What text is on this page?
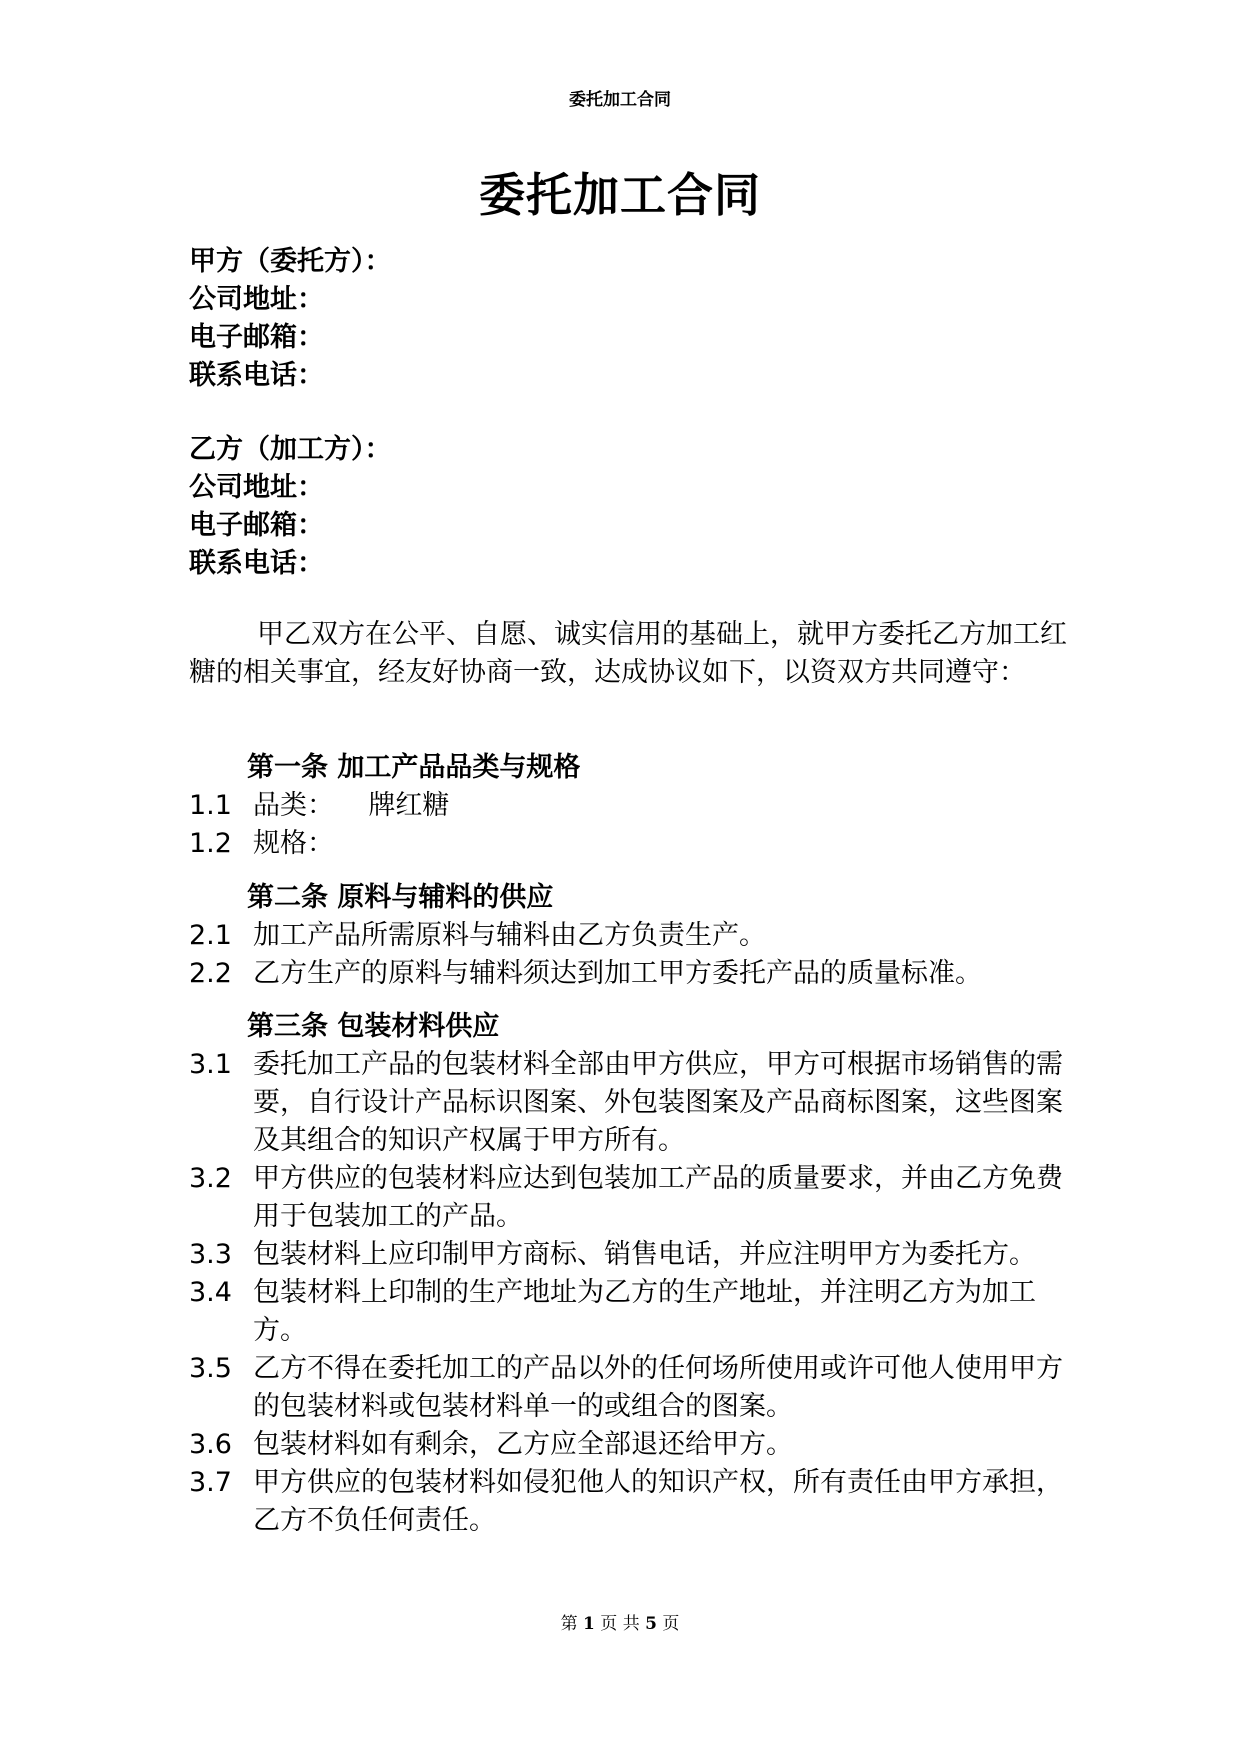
委托加工合同
委托加工合同
甲方（委托方）：
公司地址：
电子邮箱：
联系电话：
乙方（加工方）：
公司地址：
电子邮箱：
联系电话：
甲乙双方在公平、自愿、诚实信用的基础上，就甲方委托乙方加工红糖的相关事宜，经友好协商一致，达成协议如下，以资双方共同遵守：
第一条 加工产品品类与规格
1.1 品类：    牌红糖
1.2 规格：
第二条 原料与辅料的供应
2.1 加工产品所需原料与辅料由乙方负责生产。
2.2 乙方生产的原料与辅料须达到加工甲方委托产品的质量标准。
第三条 包装材料供应
3.1 委托加工产品的包装材料全部由甲方供应，甲方可根据市场销售的需要，自行设计产品标识图案、外包装图案及产品商标图案，这些图案及其组合的知识产权属于甲方所有。
3.2 甲方供应的包装材料应达到包装加工产品的质量要求，并由乙方免费用于包装加工的产品。
3.3 包装材料上应印制甲方商标、销售电话，并应注明甲方为委托方。
3.4 包装材料上印制的生产地址为乙方的生产地址，并注明乙方为加工方。
3.5 乙方不得在委托加工的产品以外的任何场所使用或许可他人使用甲方的包装材料或包装材料单一的或组合的图案。
3.6 包装材料如有剩余，乙方应全部退还给甲方。
3.7 甲方供应的包装材料如侵犯他人的知识产权，所有责任由甲方承担，乙方不负任何责任。
第 1 页 共 5 页
